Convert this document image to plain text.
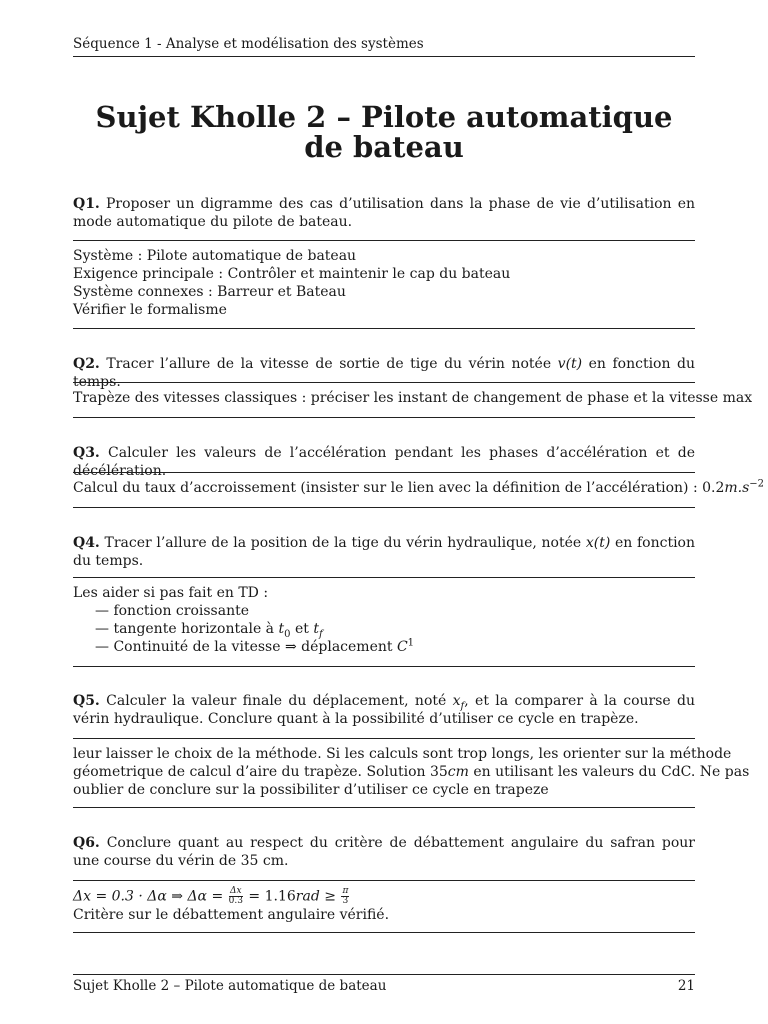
Séquence 1 - Analyse et modélisation des systèmes
Sujet Kholle 2 – Pilote automatique
de bateau
Q1. Proposer un digramme des cas d’utilisation dans la phase de vie d’utilisation en mode automatique du pilote de bateau.
Système : Pilote automatique de bateau
Exigence principale : Contrôler et maintenir le cap du bateau
Système connexes : Barreur et Bateau
Vérifier le formalisme
Q2. Tracer l’allure de la vitesse de sortie de tige du vérin notée v(t) en fonction du temps.
Trapèze des vitesses classiques : préciser les instant de changement de phase et la vitesse max
Q3. Calculer les valeurs de l’accélération pendant les phases d’accélération et de décélération.
Calcul du taux d’accroissement (insister sur le lien avec la définition de l’accélération) : $0.2m.s^{-2}$
Q4. Tracer l’allure de la position de la tige du vérin hydraulique, notée x(t) en fonction du temps.
Les aider si pas fait en TD :
— fonction croissante
— tangente horizontale à $t_0$ et $t_f$
— Continuité de la vitesse ⇒ déplacement $C^1$
Q5. Calculer la valeur finale du déplacement, noté $x_f$, et la comparer à la course du vérin hydraulique. Conclure quant à la possibilité d’utiliser ce cycle en trapèze.
leur laisser le choix de la méthode. Si les calculs sont trop longs, les orienter sur la méthode
géometrique de calcul d’aire du trapèze. Solution 35cm en utilisant les valeurs du CdC. Ne pas
oublier de conclure sur la possibiliter d’utiliser ce cycle en trapeze
Q6. Conclure quant au respect du critère de débattement angulaire du safran pour une course du vérin de 35 cm.
Δx = 0.3 · Δα ⇒ $\Delta\alpha = \frac{\Delta x}{0.3} = 1.16rad \ge \frac{\pi}{3}$
Critère sur le débattement angulaire vérifié.
Sujet Kholle 2 – Pilote automatique de bateau	21
